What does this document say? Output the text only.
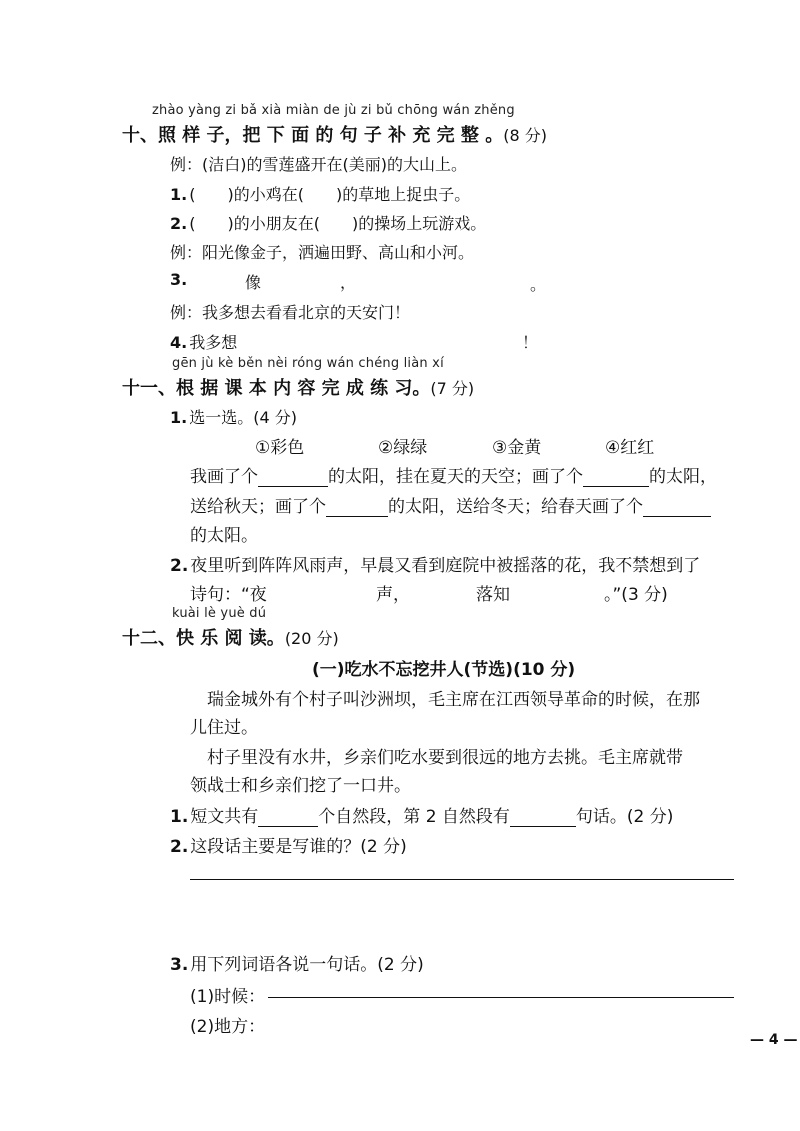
zhào yàng zi bǎ xià miàn de jù zi bǔ chōng wán zhěng
十、照 样 子，把 下 面 的 句 子 补 充 完 整 。(8 分)
例：(洁白)的雪莲盛开在(美丽)的大山上。
1. (　　)的小鸡在(　　)的草地上捉虫子。
2. (　　)的小朋友在(　　)的操场上玩游戏。
例：阳光像金子，洒遍田野、高山和小河。
3.	像	，	。
例：我多想去看看北京的天安门！
4. 我多想	！
gēn jù kè běn nèi róng wán chéng liàn xí
十一、根 据 课 本 内 容 完 成 练 习。(7 分)
1. 选一选。(4 分)
①彩色	②绿绿	③金黄	④红红
我画了个	的太阳，挂在夏天的天空；画了个	的太阳，
送给秋天；画了个	的太阳，送给冬天；给春天画了个
的太阳。
2. 夜里听到阵阵风雨声，早晨又看到庭院中被摇落的花，我不禁想到了
诗句：“夜	声，	落知	。”(3 分)
kuài lè yuè dú
十二、快 乐 阅 读。(20 分)
(一)吃水不忘挖井人(节选)(10 分)
瑞金城外有个村子叫沙洲坝，毛主席在江西领导革命的时候，在那
儿住过。
村子里没有水井，乡亲们吃水要到很远的地方去挑。毛主席就带
领战士和乡亲们挖了一口井。
1. 短文共有	个自然段，第 2 自然段有	句话。(2 分)
2. 这段话主要是写谁的？(2 分)
3. 用下列词语各说一句话。(2 分)
(1)时候：
(2)地方：
— 4 —
